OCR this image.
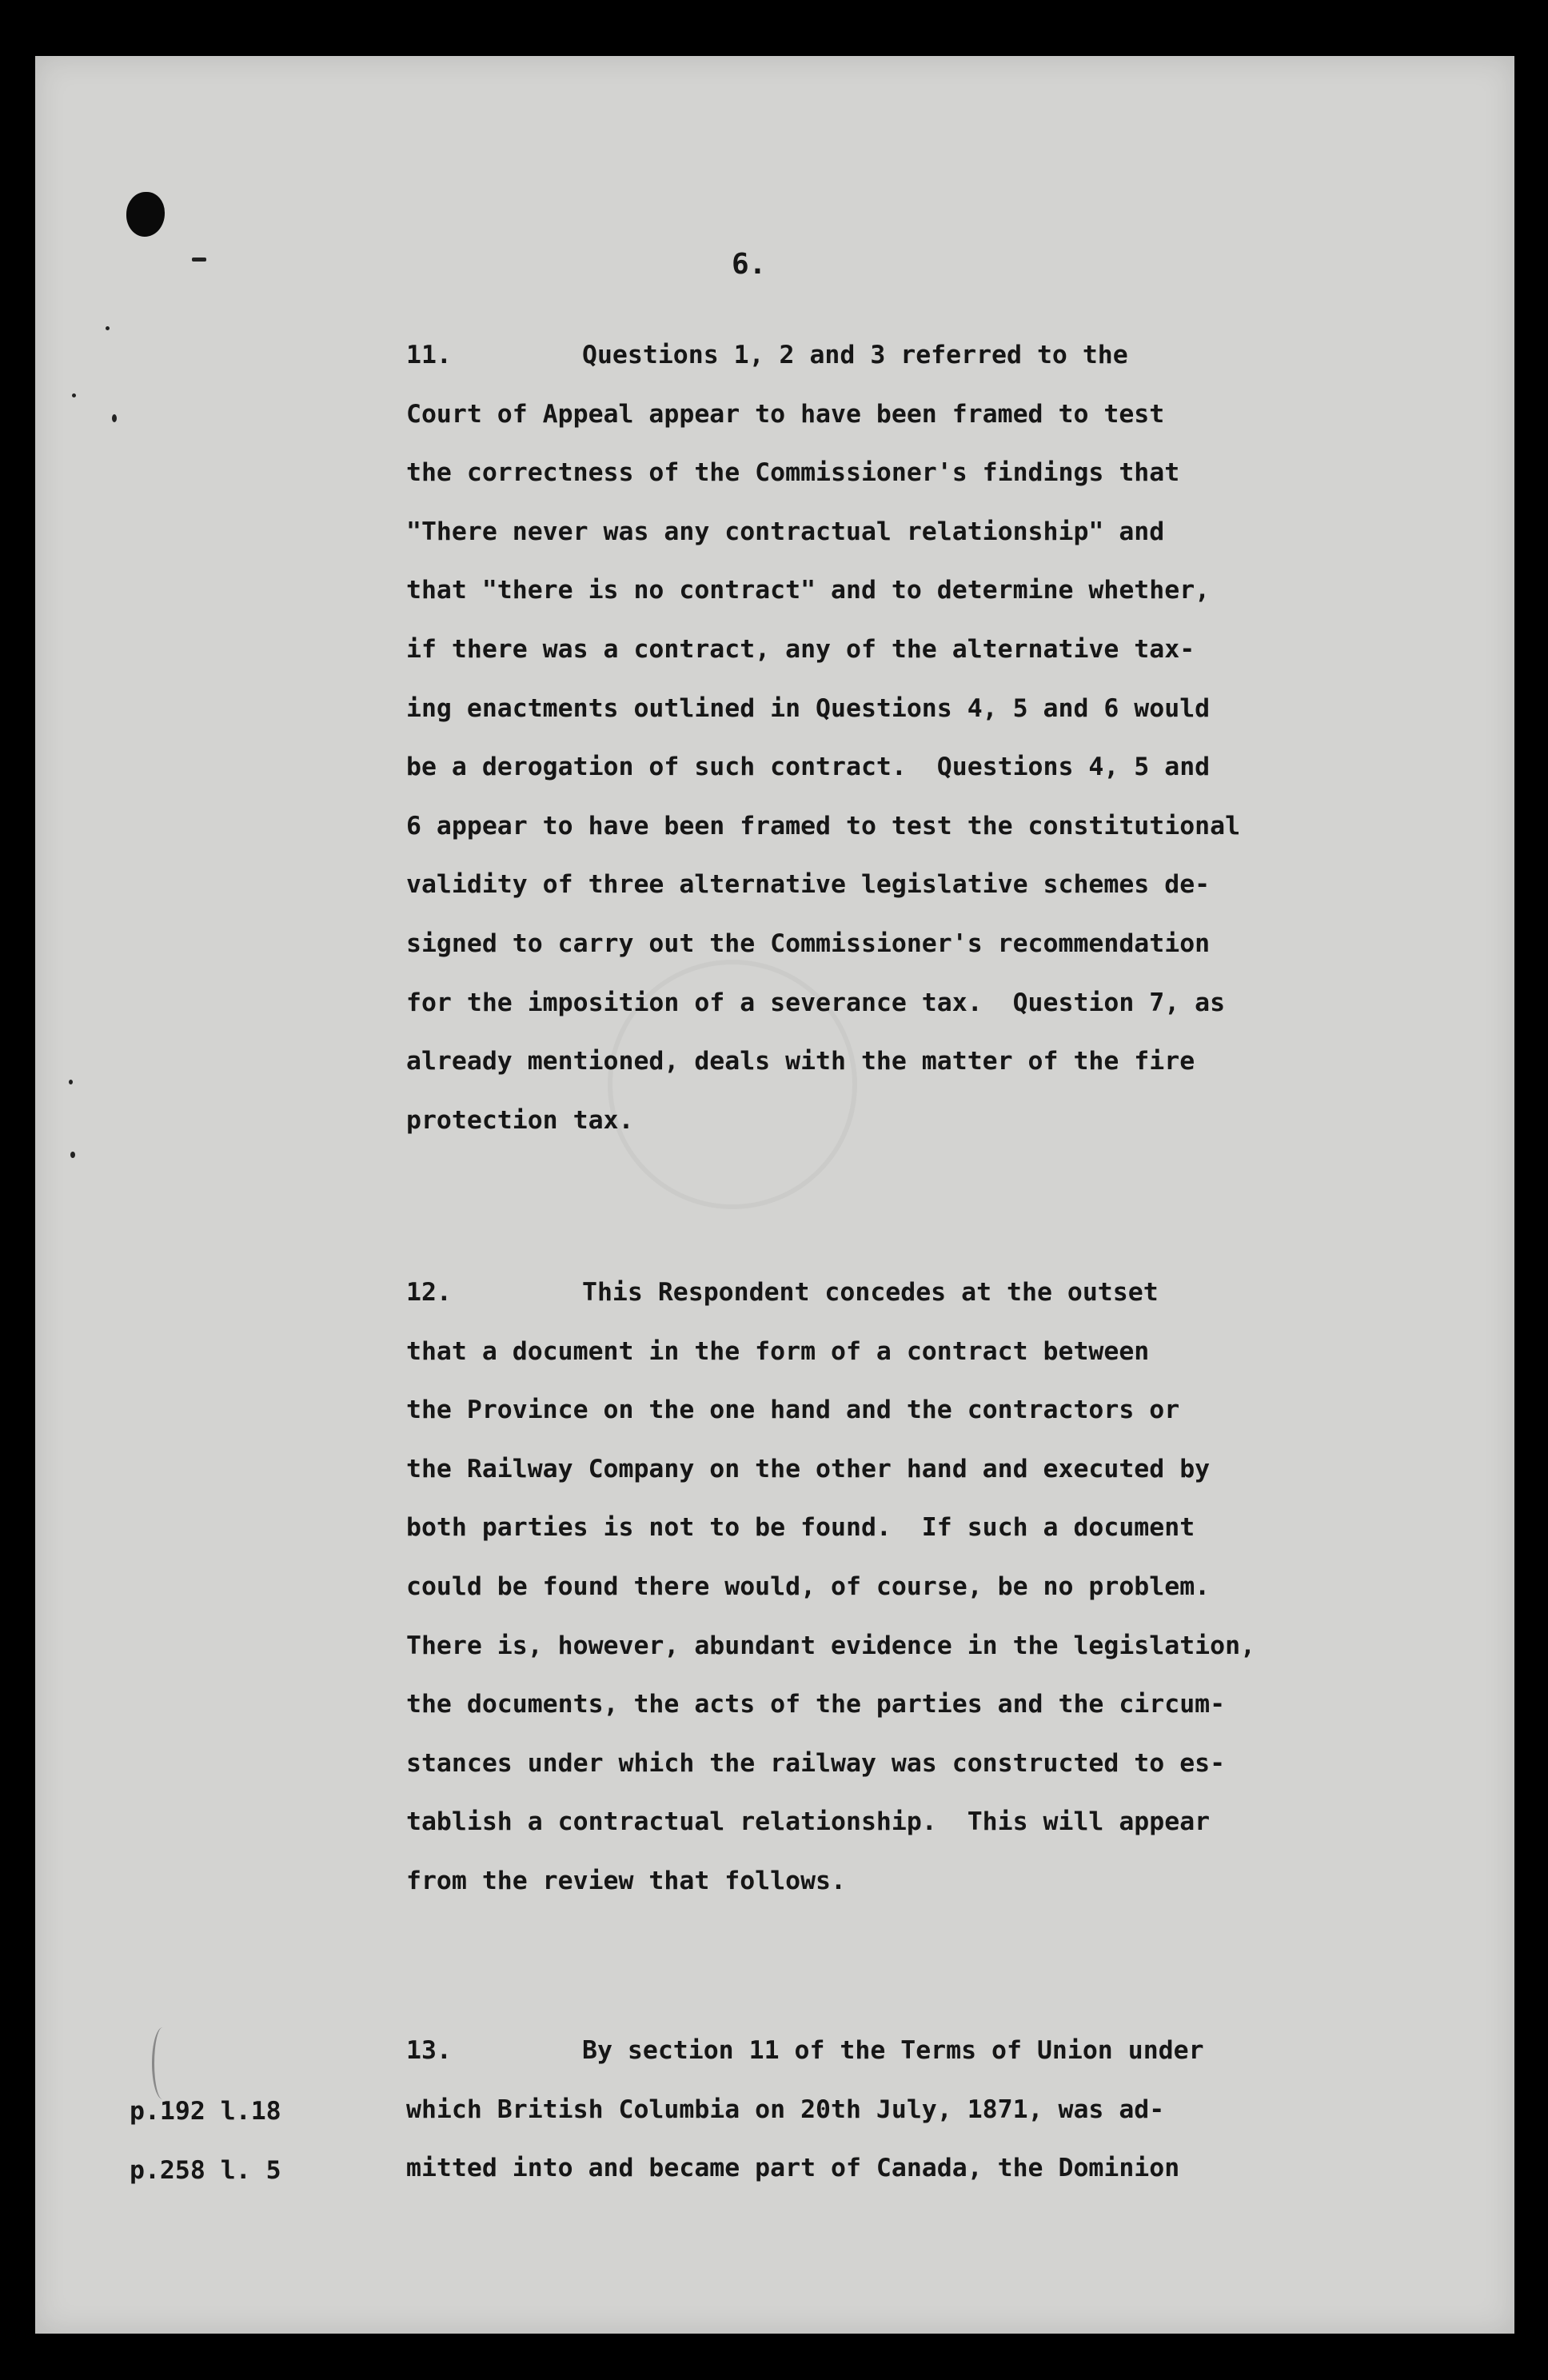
6.
11.	Questions 1, 2 and 3 referred to the
Court of Appeal appear to have been framed to test
the correctness of the Commissioner's findings that
"There never was any contractual relationship" and
that "there is no contract" and to determine whether,
if there was a contract, any of the alternative tax-
ing enactments outlined in Questions 4, 5 and 6 would
be a derogation of such contract.  Questions 4, 5 and
6 appear to have been framed to test the constitutional
validity of three alternative legislative schemes de-
signed to carry out the Commissioner's recommendation
for the imposition of a severance tax.  Question 7, as
already mentioned, deals with the matter of the fire
protection tax.
12.	This Respondent concedes at the outset
that a document in the form of a contract between
the Province on the one hand and the contractors or
the Railway Company on the other hand and executed by
both parties is not to be found.  If such a document
could be found there would, of course, be no problem.
There is, however, abundant evidence in the legislation,
the documents, the acts of the parties and the circum-
stances under which the railway was constructed to es-
tablish a contractual relationship.  This will appear
from the review that follows.
13.	By section 11 of the Terms of Union under
which British Columbia on 20th July, 1871, was ad-
mitted into and became part of Canada, the Dominion
p.192 l.18
p.258 l. 5
